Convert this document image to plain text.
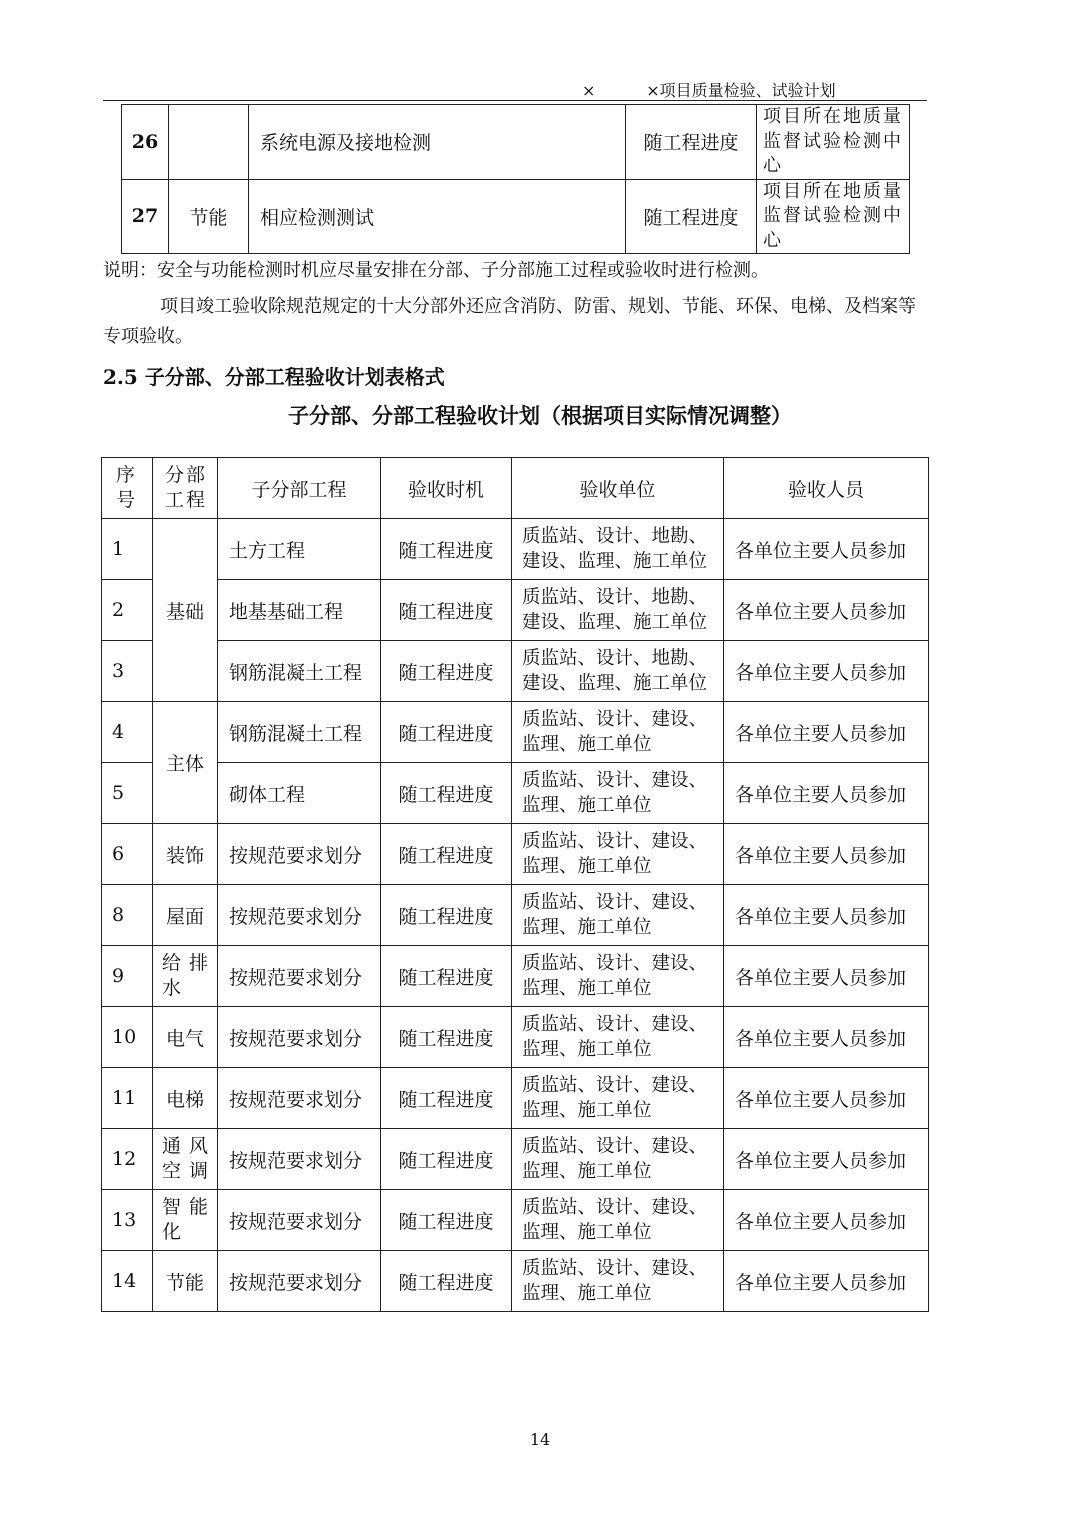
×          ×项目质量检验、试验计划
26		系统电源及接地检测	随工程进度	项目所在地质量监督试验检测中心
27	节能	相应检测测试	随工程进度	项目所在地质量监督试验检测中心
说明：安全与功能检测时机应尽量安排在分部、子分部施工过程或验收时进行检测。
项目竣工验收除规范规定的十大分部外还应含消防、防雷、规划、节能、环保、电梯、及档案等专项验收。
2.5 子分部、分部工程验收计划表格式
子分部、分部工程验收计划（根据项目实际情况调整）
序
号	分部
工程	子分部工程	验收时机	验收单位	验收人员
1	基础	土方工程	随工程进度	质监站、设计、地勘、
建设、监理、施工单位	各单位主要人员参加
2		地基基础工程	随工程进度	质监站、设计、地勘、
建设、监理、施工单位	各单位主要人员参加
3		钢筋混凝土工程	随工程进度	质监站、设计、地勘、
建设、监理、施工单位	各单位主要人员参加
4	主体	钢筋混凝土工程	随工程进度	质监站、设计、建设、
监理、施工单位	各单位主要人员参加
5		砌体工程	随工程进度	质监站、设计、建设、
监理、施工单位	各单位主要人员参加
6	装饰	按规范要求划分	随工程进度	质监站、设计、建设、
监理、施工单位	各单位主要人员参加
8	屋面	按规范要求划分	随工程进度	质监站、设计、建设、
监理、施工单位	各单位主要人员参加
9	给排
水	按规范要求划分	随工程进度	质监站、设计、建设、
监理、施工单位	各单位主要人员参加
10	电气	按规范要求划分	随工程进度	质监站、设计、建设、
监理、施工单位	各单位主要人员参加
11	电梯	按规范要求划分	随工程进度	质监站、设计、建设、
监理、施工单位	各单位主要人员参加
12	通风
空调	按规范要求划分	随工程进度	质监站、设计、建设、
监理、施工单位	各单位主要人员参加
13	智能
化	按规范要求划分	随工程进度	质监站、设计、建设、
监理、施工单位	各单位主要人员参加
14	节能	按规范要求划分	随工程进度	质监站、设计、建设、
监理、施工单位	各单位主要人员参加
14
